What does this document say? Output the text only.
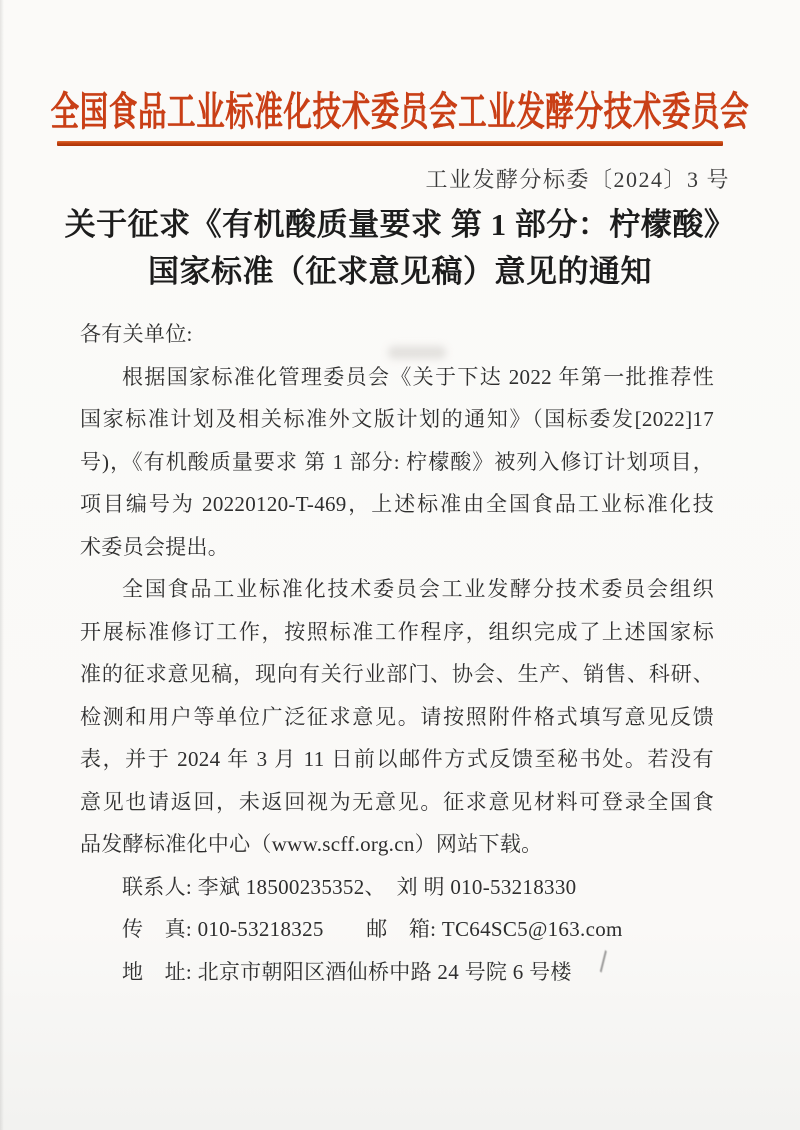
全国食品工业标准化技术委员会工业发酵分技术委员会
工业发酵分标委〔2024〕3 号
关于征求《有机酸质量要求 第 1 部分：柠檬酸》
国家标准（征求意见稿）意见的通知
各有关单位:
根据国家标准化管理委员会《关于下达 2022 年第一批推荐性
国家标准计划及相关标准外文版计划的通知》（国标委发[2022]17
号)，《有机酸质量要求 第 1 部分: 柠檬酸》被列入修订计划项目，
项目编号为 20220120-T-469，上述标准由全国食品工业标准化技
术委员会提出。
全国食品工业标准化技术委员会工业发酵分技术委员会组织
开展标准修订工作，按照标准工作程序，组织完成了上述国家标
准的征求意见稿，现向有关行业部门、协会、生产、销售、科研、
检测和用户等单位广泛征求意见。请按照附件格式填写意见反馈
表，并于 2024 年 3 月 11 日前以邮件方式反馈至秘书处。若没有
意见也请返回，未返回视为无意见。征求意见材料可登录全国食
品发酵标准化中心（www.scff.org.cn）网站下载。
联系人: 李斌 18500235352、　刘 明 010-53218330
传　真: 010-53218325　　邮　箱: TC64SC5@163.com
地　址: 北京市朝阳区酒仙桥中路 24 号院 6 号楼
